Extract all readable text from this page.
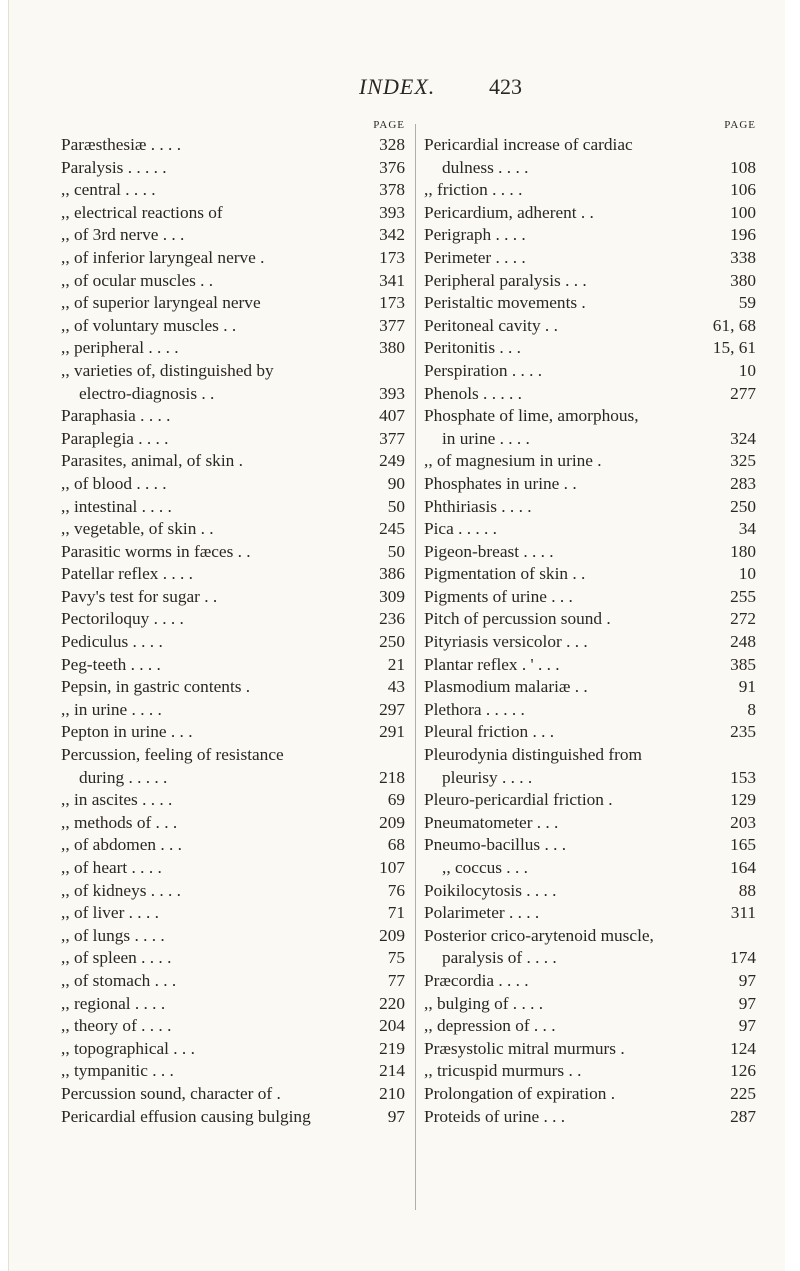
INDEX. 423
PAGE
Paræsthesiæ . . . .	328
Paralysis . . . . .	376
,, central . . . .	378
,, electrical reactions of	393
,, of 3rd nerve . . .	342
,, of inferior laryngeal nerve .	173
,, of ocular muscles . .	341
,, of superior laryngeal nerve	173
,, of voluntary muscles . .	377
,, peripheral . . . .	380
,, varieties of, distinguished by
electro-diagnosis . .	393
Paraphasia . . . .	407
Paraplegia . . . .	377
Parasites, animal, of skin .	249
,, of blood . . . .	90
,, intestinal . . . .	50
,, vegetable, of skin . .	245
Parasitic worms in fæces . .	50
Patellar reflex . . . .	386
Pavy's test for sugar . .	309
Pectoriloquy . . . .	236
Pediculus . . . .	250
Peg-teeth . . . .	21
Pepsin, in gastric contents .	43
,, in urine . . . .	297
Pepton in urine . . .	291
Percussion, feeling of resistance
during . . . . .	218
,, in ascites . . . .	69
,, methods of . . .	209
,, of abdomen . . .	68
,, of heart . . . .	107
,, of kidneys . . . .	76
,, of liver . . . .	71
,, of lungs . . . .	209
,, of spleen . . . .	75
,, of stomach . . .	77
,, regional . . . .	220
,, theory of . . . .	204
,, topographical . . .	219
,, tympanitic . . .	214
Percussion sound, character of .	210
Pericardial effusion causing bulging	97
PAGE
Pericardial increase of cardiac
dulness . . . .	108
,, friction . . . .	106
Pericardium, adherent . .	100
Perigraph . . . .	196
Perimeter . . . .	338
Peripheral paralysis . . .	380
Peristaltic movements .	59
Peritoneal cavity . .	61, 68
Peritonitis . . .	15, 61
Perspiration . . . .	10
Phenols . . . . .	277
Phosphate of lime, amorphous,
in urine . . . .	324
,, of magnesium in urine .	325
Phosphates in urine . .	283
Phthiriasis . . . .	250
Pica . . . . .	34
Pigeon-breast . . . .	180
Pigmentation of skin . .	10
Pigments of urine . . .	255
Pitch of percussion sound .	272
Pityriasis versicolor . . .	248
Plantar reflex . ' . . .	385
Plasmodium malariæ . .	91
Plethora . . . . .	8
Pleural friction . . .	235
Pleurodynia distinguished from
pleurisy . . . .	153
Pleuro-pericardial friction .	129
Pneumatometer . . .	203
Pneumo-bacillus . . .	165
,, coccus . . .	164
Poikilocytosis . . . .	88
Polarimeter . . . .	311
Posterior crico-arytenoid muscle,
paralysis of . . . .	174
Præcordia . . . .	97
,, bulging of . . . .	97
,, depression of . . .	97
Præsystolic mitral murmurs .	124
,, tricuspid murmurs . .	126
Prolongation of expiration .	225
Proteids of urine . . .	287
